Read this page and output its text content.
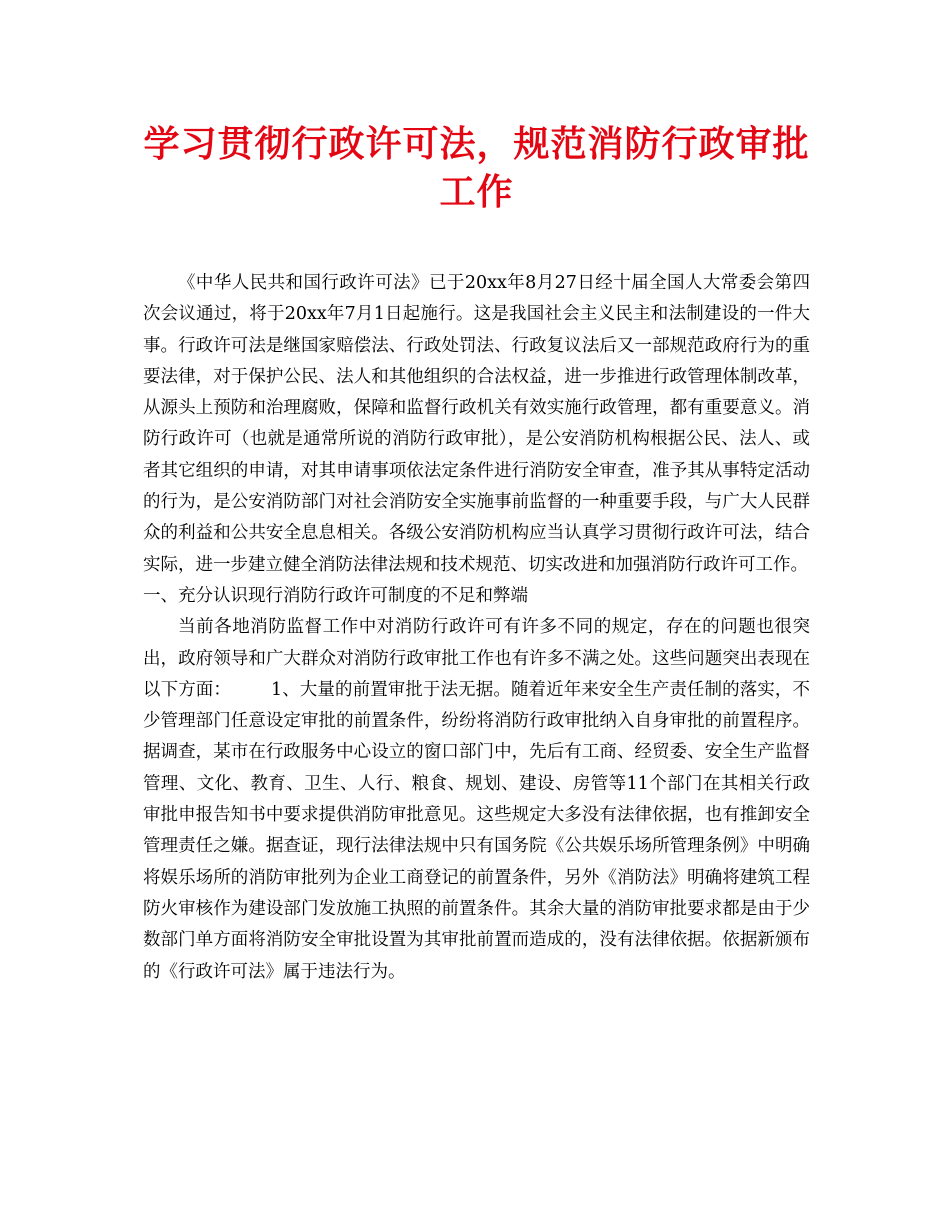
学习贯彻行政许可法，规范消防行政审批工作

《中华人民共和国行政许可法》已于20xx年8月27日经十届全国人大常委会第四次会议通过，将于20xx年7月1日起施行。这是我国社会主义民主和法制建设的一件大事。行政许可法是继国家赔偿法、行政处罚法、行政复议法后又一部规范政府行为的重要法律，对于保护公民、法人和其他组织的合法权益，进一步推进行政管理体制改革，从源头上预防和治理腐败，保障和监督行政机关有效实施行政管理，都有重要意义。消防行政许可（也就是通常所说的消防行政审批），是公安消防机构根据公民、法人、或者其它组织的申请，对其申请事项依法定条件进行消防安全审查，准予其从事特定活动的行为，是公安消防部门对社会消防安全实施事前监督的一种重要手段，与广大人民群众的利益和公共安全息息相关。各级公安消防机构应当认真学习贯彻行政许可法，结合实际，进一步建立健全消防法律法规和技术规范、切实改进和加强消防行政许可工作。

一、充分认识现行消防行政许可制度的不足和弊端

当前各地消防监督工作中对消防行政许可有许多不同的规定，存在的问题也很突出，政府领导和广大群众对消防行政审批工作也有许多不满之处。这些问题突出表现在以下方面： 1、大量的前置审批于法无据。随着近年来安全生产责任制的落实，不少管理部门任意设定审批的前置条件，纷纷将消防行政审批纳入自身审批的前置程序。据调查，某市在行政服务中心设立的窗口部门中，先后有工商、经贸委、安全生产监督管理、文化、教育、卫生、人行、粮食、规划、建设、房管等11个部门在其相关行政审批申报告知书中要求提供消防审批意见。这些规定大多没有法律依据，也有推卸安全管理责任之嫌。据查证，现行法律法规中只有国务院《公共娱乐场所管理条例》中明确将娱乐场所的消防审批列为企业工商登记的前置条件，另外《消防法》明确将建筑工程防火审核作为建设部门发放施工执照的前置条件。其余大量的消防审批要求都是由于少数部门单方面将消防安全审批设置为其审批前置而造成的，没有法律依据。依据新颁布的《行政许可法》属于违法行为。
